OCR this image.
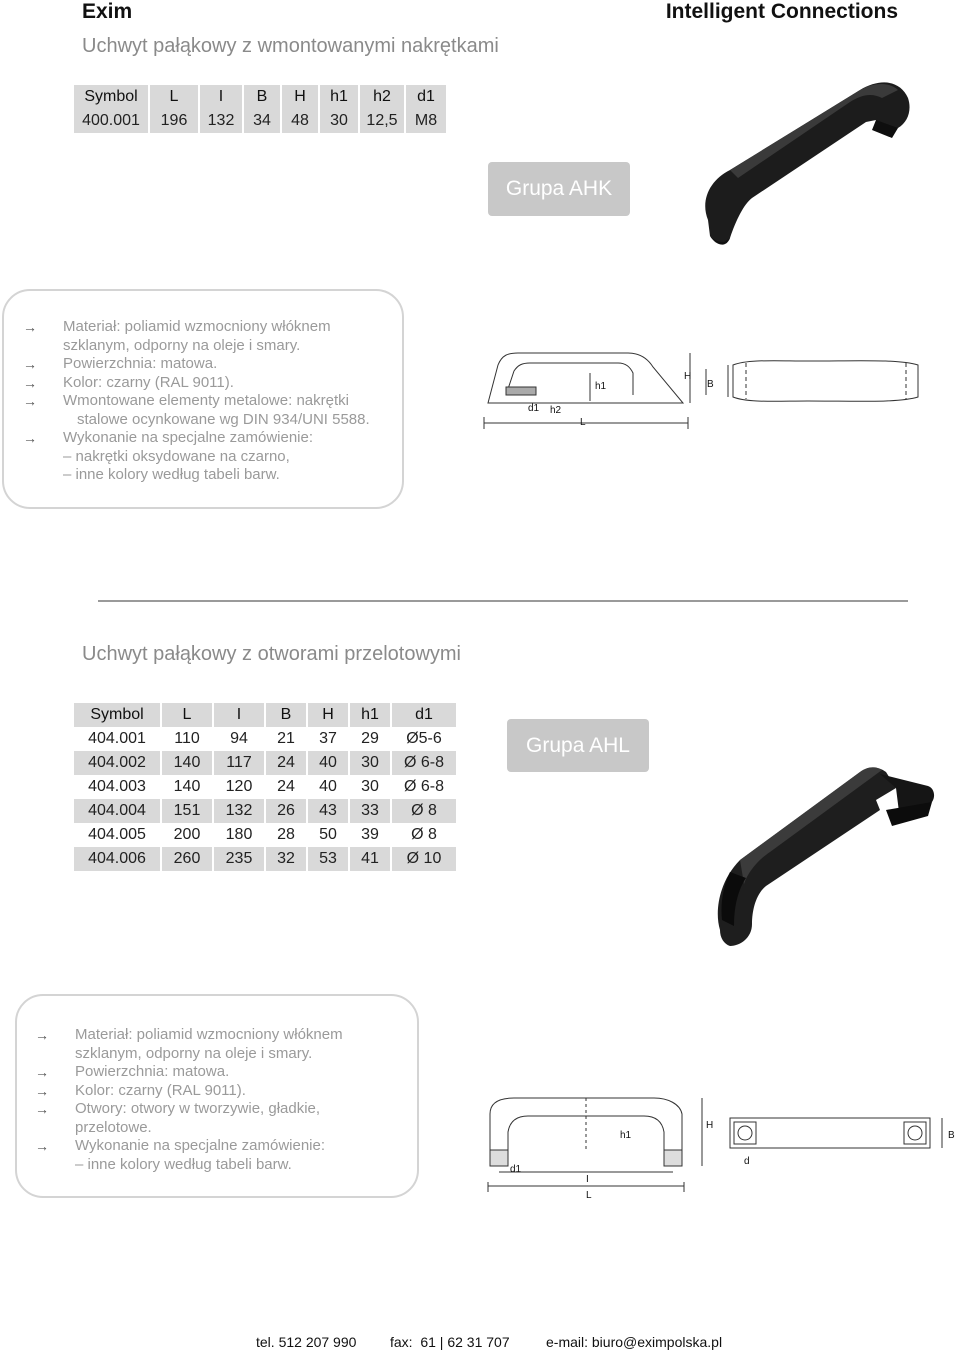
Exim	Intelligent Connections
Uchwyt pałąkowy z wmontowanymi nakrętkami
Symbol	L	I	B	H	h1	h2	d1
400.001	196	132	34	48	30	12,5	M8
Grupa AHK
→ Materiał: poliamid wzmocniony włóknem
szklanym, odporny na oleje i smary.
→ Powierzchnia: matowa.
→ Kolor: czarny (RAL 9011).
→ Wmontowane elementy metalowe: nakrętki
stalowe ocynkowane wg DIN 934/UNI 5588.
→ Wykonanie na specjalne zamówienie:
– nakrętki oksydowane na czarno,
– inne kolory według tabeli barw.
h1
H
B
d1 h2
L
Uchwyt pałąkowy z otworami przelotowymi
Symbol	L	I	B	H	h1	d1
404.001	110	94	21	37	29	Ø5-6
404.002	140	117	24	40	30	Ø 6-8
404.003	140	120	24	40	30	Ø 6-8
404.004	151	132	26	43	33	Ø 8
404.005	200	180	28	50	39	Ø 8
404.006	260	235	32	53	41	Ø 10
Grupa AHL
→ Materiał: poliamid wzmocniony włóknem
szklanym, odporny na oleje i smary.
→ Powierzchnia: matowa.
→ Kolor: czarny (RAL 9011).
→ Otwory: otwory w tworzywie, gładkie,
przelotowe.
→ Wykonanie na specjalne zamówienie:
– inne kolory według tabeli barw.
h1
H
I
L
d1
d
B
tel. 512 207 990 fax:  61 | 62 31 707	e-mail: biuro@eximpolska.pl
